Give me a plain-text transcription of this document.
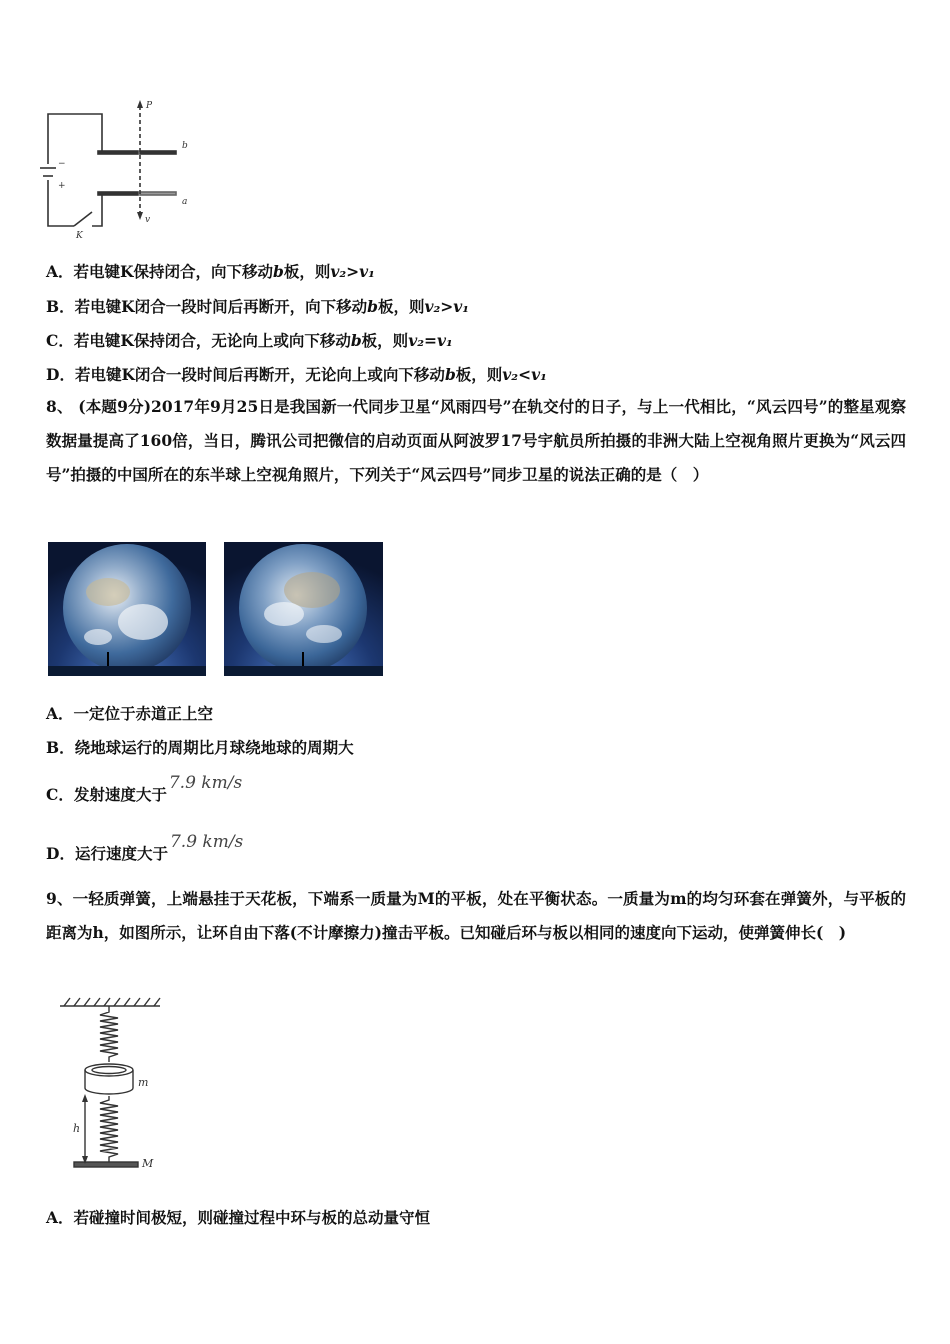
P
b
a
v
K
−
+
A．若电键K保持闭合，向下移动b板，则v₂>v₁
B．若电键K闭合一段时间后再断开，向下移动b板，则v₂>v₁
C．若电键K保持闭合，无论向上或向下移动b板，则v₂=v₁
D．若电键K闭合一段时间后再断开，无论向上或向下移动b板，则v₂<v₁
8、 (本题9分)2017年9月25日是我国新一代同步卫星“风雨四号”在轨交付的日子，与上一代相比，“风云四号”的整星观察数据量提高了160倍，当日，腾讯公司把微信的启动页面从阿波罗17号宇航员所拍摄的非洲大陆上空视角照片更换为“风云四号”拍摄的中国所在的东半球上空视角照片，下列关于“风云四号”同步卫星的说法正确的是（　）
A．一定位于赤道正上空
B．绕地球运行的周期比月球绕地球的周期大
C．发射速度大于7.9 km/s
D．运行速度大于7.9 km/s
9、一轻质弹簧，上端悬挂于天花板，下端系一质量为M的平板，处在平衡状态。一质量为m的均匀环套在弹簧外，与平板的距离为h，如图所示，让环自由下落(不计摩擦力)撞击平板。已知碰后环与板以相同的速度向下运动，使弹簧伸长(　)
m
h
M
A．若碰撞时间极短，则碰撞过程中环与板的总动量守恒
